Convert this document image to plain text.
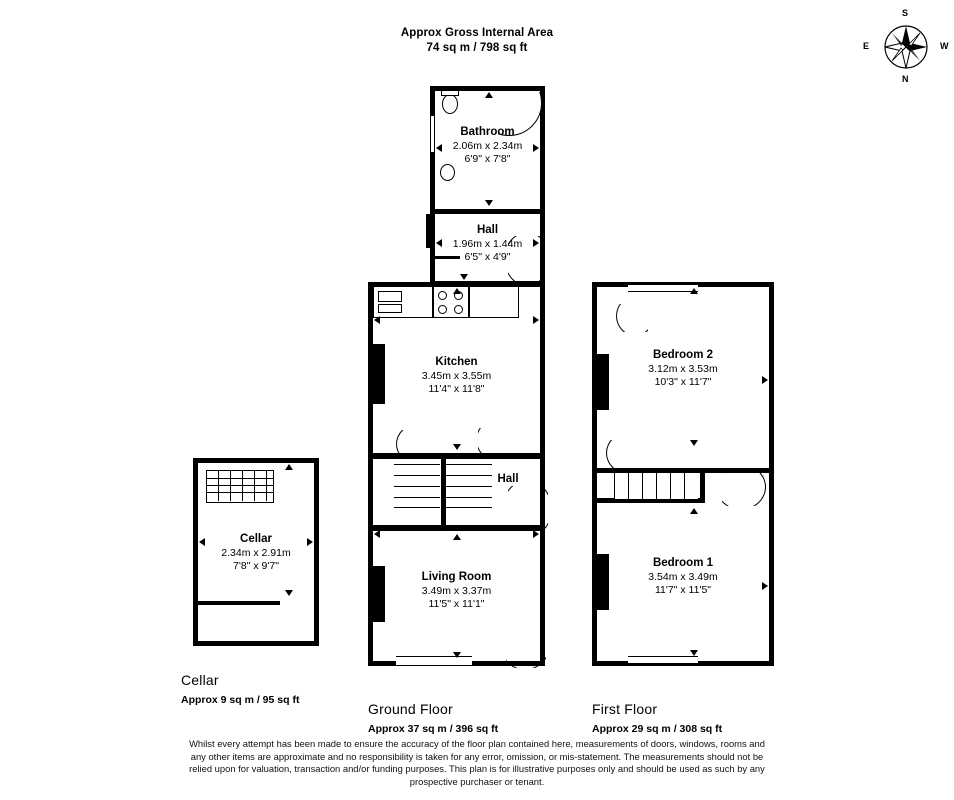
Approx Gross Internal Area
74 sq m / 798 sq ft
S
N
E	W
Cellar
2.34m x 2.91m
7'8" x 9'7"
Cellar
Approx 9 sq m / 95 sq ft
Bathroom
2.06m x 2.34m
6'9" x 7'8"
Hall
1.96m x 1.44m
6'5" x 4'9"
Kitchen
3.45m x 3.55m
11'4" x 11'8"
Hall
Living Room
3.49m x 3.37m
11'5" x 11'1"
Ground Floor
Approx 37 sq m / 396 sq ft
Bedroom 2
3.12m x 3.53m
10'3" x 11'7"
Bedroom 1
3.54m x 3.49m
11'7" x 11'5"
First Floor
Approx 29 sq m / 308 sq ft
Whilst every attempt has been made to ensure the accuracy of the floor plan contained here, measurements of doors, windows, rooms and
any other items are approximate and no responsibility is taken for any error, omission, or mis-statement. The measurements should not be
relied upon for valuation, transaction and/or funding purposes. This plan is for illustrative purposes only and should be used as such by any
prospective purchaser or tenant.
